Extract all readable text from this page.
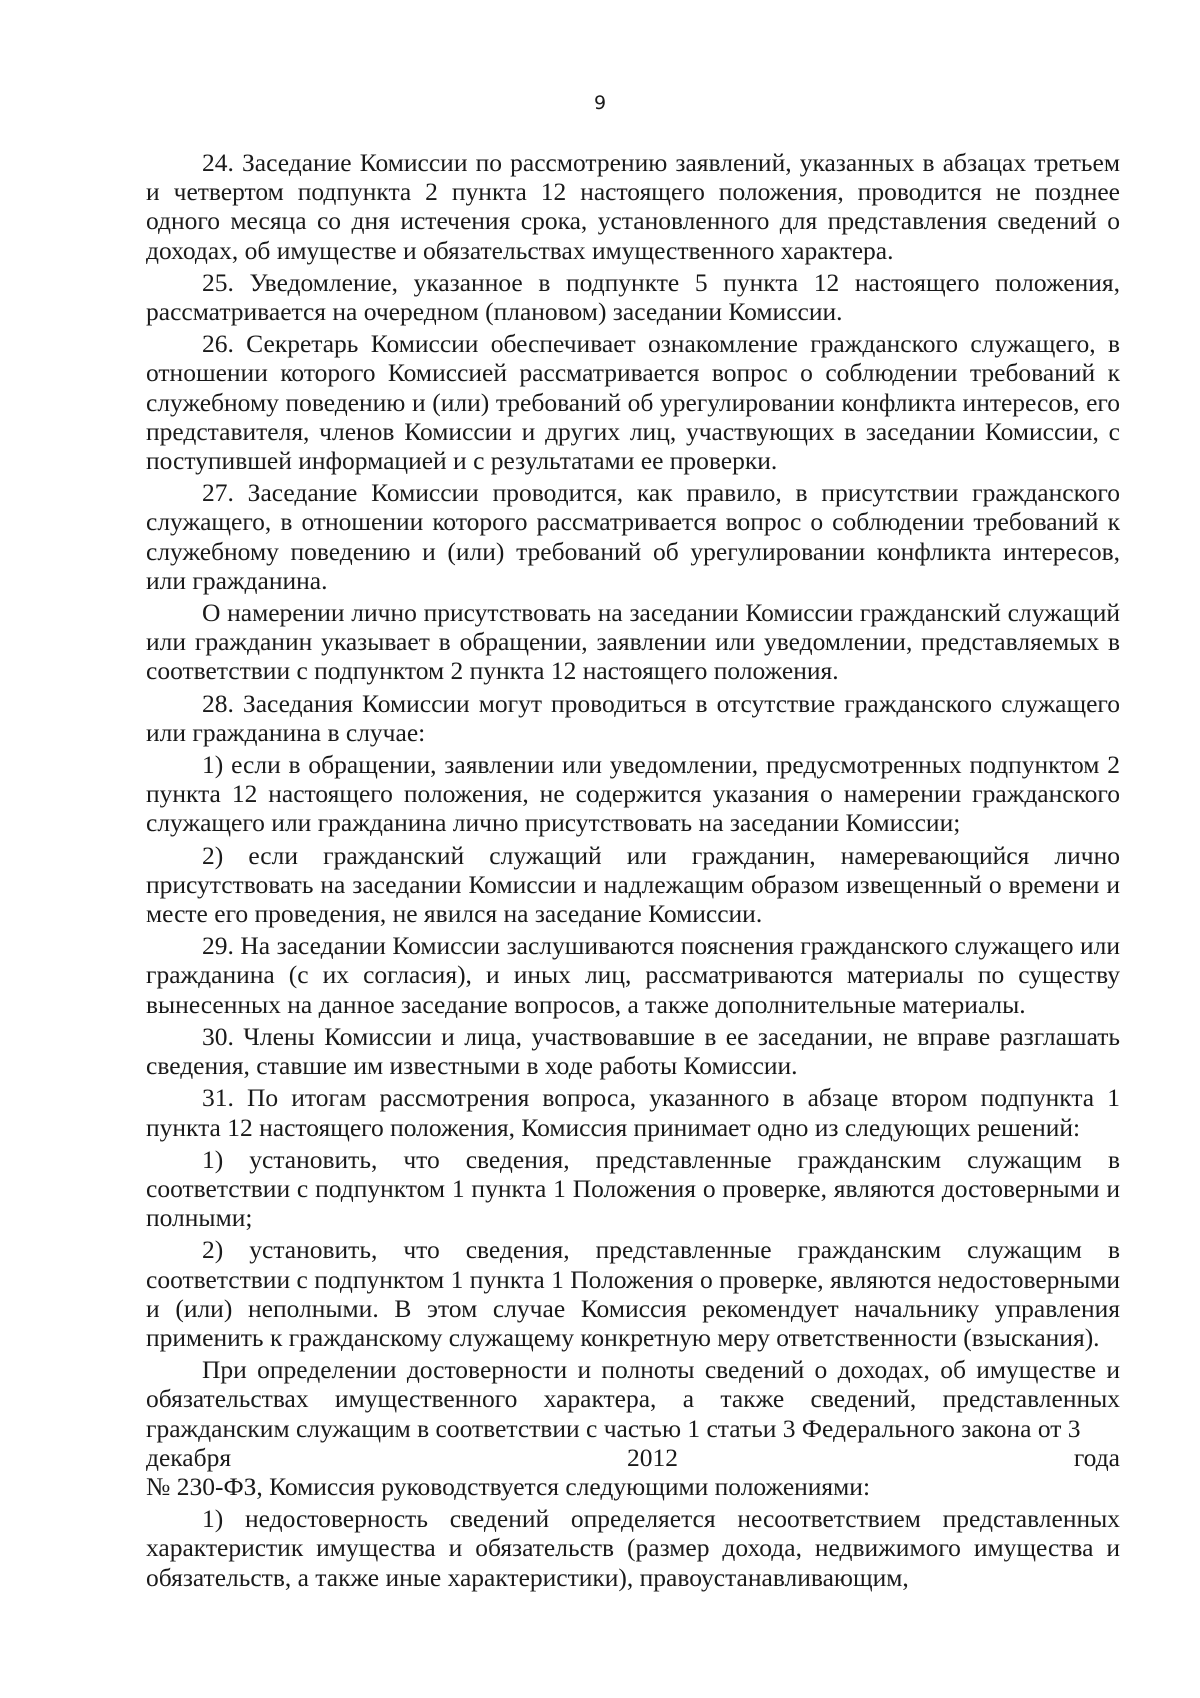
9

24. Заседание Комиссии по рассмотрению заявлений, указанных в абзацах третьем и четвертом подпункта 2 пункта 12 настоящего положения, проводится не позднее одного месяца со дня истечения срока, установленного для представления сведений о доходах, об имуществе и обязательствах имущественного характера.

25. Уведомление, указанное в подпункте 5 пункта 12 настоящего положения, рассматривается на очередном (плановом) заседании Комиссии.

26. Секретарь Комиссии обеспечивает ознакомление гражданского служащего, в отношении которого Комиссией рассматривается вопрос о соблюдении требований к служебному поведению и (или) требований об урегулировании конфликта интересов, его представителя, членов Комиссии и других лиц, участвующих в заседании Комиссии, с поступившей информацией и с результатами ее проверки.

27. Заседание Комиссии проводится, как правило, в присутствии гражданского служащего, в отношении которого рассматривается вопрос о соблюдении требований к служебному поведению и (или) требований об урегулировании конфликта интересов, или гражданина.

О намерении лично присутствовать на заседании Комиссии гражданский служащий или гражданин указывает в обращении, заявлении или уведомлении, представляемых в соответствии с подпунктом 2 пункта 12 настоящего положения.

28. Заседания Комиссии могут проводиться в отсутствие гражданского служащего или гражданина в случае:

1) если в обращении, заявлении или уведомлении, предусмотренных подпунктом 2 пункта 12 настоящего положения, не содержится указания о намерении гражданского служащего или гражданина лично присутствовать на заседании Комиссии;

2) если гражданский служащий или гражданин, намеревающийся лично присутствовать на заседании Комиссии и надлежащим образом извещенный о времени и месте его проведения, не явился на заседание Комиссии.

29. На заседании Комиссии заслушиваются пояснения гражданского служащего или гражданина (с их согласия), и иных лиц, рассматриваются материалы по существу вынесенных на данное заседание вопросов, а также дополнительные материалы.

30. Члены Комиссии и лица, участвовавшие в ее заседании, не вправе разглашать сведения, ставшие им известными в ходе работы Комиссии.

31. По итогам рассмотрения вопроса, указанного в абзаце втором подпункта 1 пункта 12 настоящего положения, Комиссия принимает одно из следующих решений:

1) установить, что сведения, представленные гражданским служащим в соответствии с подпунктом 1 пункта 1 Положения о проверке, являются достоверными и полными;

2) установить, что сведения, представленные гражданским служащим в соответствии с подпунктом 1 пункта 1 Положения о проверке, являются недостоверными и (или) неполными. В этом случае Комиссия рекомендует начальнику управления применить к гражданскому служащему конкретную меру ответственности (взыскания).

При определении достоверности и полноты сведений о доходах, об имуществе и обязательствах имущественного характера, а также сведений, представленных гражданским служащим в соответствии с частью 1 статьи 3 Федерального закона от 3

декабря	2012	года
№ 230-ФЗ, Комиссия руководствуется следующими положениями:

1) недостоверность сведений определяется несоответствием представленных характеристик имущества и обязательств (размер дохода, недвижимого имущества и обязательств, а также иные характеристики), правоустанавливающим,
